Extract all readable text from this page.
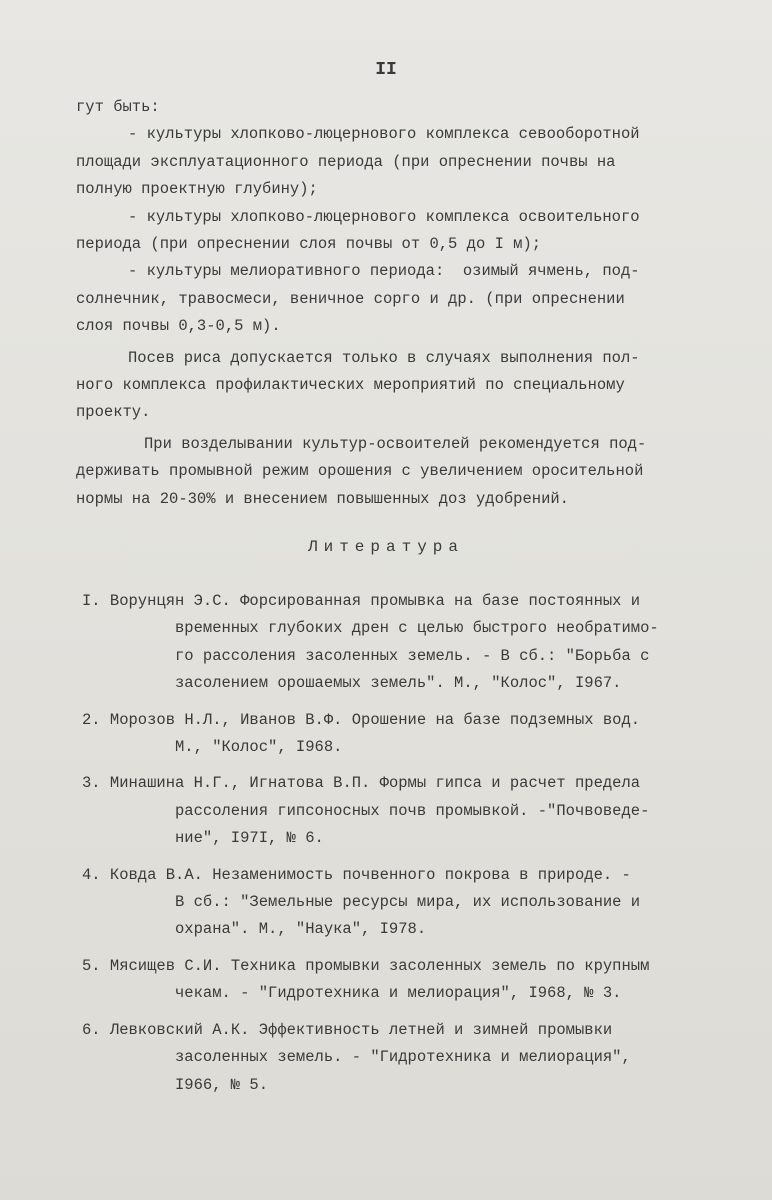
II
гут быть:
- культуры хлопково-люцернового комплекса севооборотной
площади эксплуатационного периода (при опреснении почвы на
полную проектную глубину);
- культуры хлопково-люцернового комплекса освоительного
периода (при опреснении слоя почвы от 0,5 до I м);
- культуры мелиоративного периода:  озимый ячмень, под-
солнечник, травосмеси, веничное сорго и др. (при опреснении
слоя почвы 0,3-0,5 м).
Посев риса допускается только в случаях выполнения пол-
ного комплекса профилактических мероприятий по специальному
проекту.
При возделывании культур-освоителей рекомендуется под-
держивать промывной режим орошения с увеличением оросительной
нормы на 20-30% и внесением повышенных доз удобрений.
Литература
I. Ворунцян Э.С. Форсированная промывка на базе постоянных и
временных глубоких дрен с целью быстрого необратимо-
го рассоления засоленных земель. - В сб.: "Борьба с
засолением орошаемых земель". М., "Колос", I967.
2. Морозов Н.Л., Иванов В.Ф. Орошение на базе подземных вод.
М., "Колос", I968.
3. Минашина Н.Г., Игнатова В.П. Формы гипса и расчет предела
рассоления гипсоносных почв промывкой. -"Почвоведе-
ние", I97I, № 6.
4. Ковда В.А. Незаменимость почвенного покрова в природе. -
В сб.: "Земельные ресурсы мира, их использование и
охрана". М., "Наука", I978.
5. Мясищев С.И. Техника промывки засоленных земель по крупным
чекам. - "Гидротехника и мелиорация", I968, № 3.
6. Левковский А.К. Эффективность летней и зимней промывки
засоленных земель. - "Гидротехника и мелиорация",
I966, № 5.
